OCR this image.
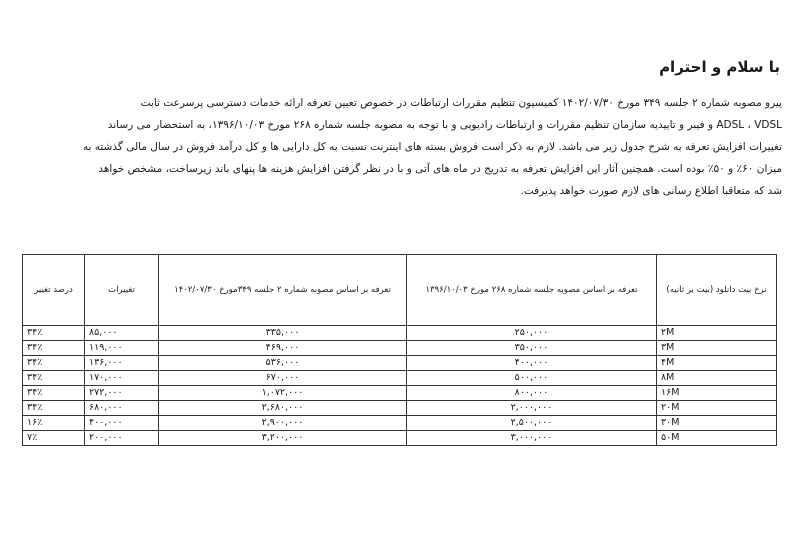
با سلام و احترام
پیرو مصوبه شماره ۲ جلسه ۳۴۹ مورخ ۱۴۰۲/۰۷/۳۰ کمیسیون تنظیم مقررات ارتباطات در خصوص تعیین تعرفه ارائه خدمات دسترسی پرسرعت ثابت
ADSL ، VDSL و فیبر و تاییدیه سازمان تنظیم مقررات و ارتباطات رادیویی و با توجه به مصوبه جلسه شماره ۲۶۸ مورخ ۱۳۹۶/۱۰/۰۳، به استحضار می رساند
تغییرات افزایش تعرفه به شرح جدول زیر می باشد. لازم به ذکر است فروش بسته های اینترنت نسبت به کل دارایی ها و کل درآمد فروش در سال مالی گذشته به
میزان ۶۰٪ و ۵۰٪ بوده است. همچنین آثار این افزایش تعرفه به تدریج در ماه های آتی و با در نظر گرفتن افزایش هزینه ها پنهای باند زیرساخت، مشخص خواهد
شد که متعاقبا اطلاع رسانی های لازم صورت خواهد پذیرفت.
نرخ بیت دانلود (بیت بر ثانیه)	تعرفه بر اساس مصوبه جلسه شماره ۲۶۸ مورخ ۱۳۹۶/۱۰/۰۳	تعرفه بر اساس مصوبه شماره ۲ جلسه ۳۴۹مورخ ۱۴۰۲/۰۷/۳۰	تغییرات	درصد تغییر
۲M	۲۵۰,۰۰۰	۳۳۵,۰۰۰	۸۵,۰۰۰	۳۴٪
۳M	۳۵۰,۰۰۰	۴۶۹,۰۰۰	۱۱۹,۰۰۰	۳۴٪
۴M	۴۰۰,۰۰۰	۵۳۶,۰۰۰	۱۳۶,۰۰۰	۳۴٪
۸M	۵۰۰,۰۰۰	۶۷۰,۰۰۰	۱۷۰,۰۰۰	۳۴٪
۱۶M	۸۰۰,۰۰۰	۱,۰۷۲,۰۰۰	۲۷۲,۰۰۰	۳۴٪
۲۰M	۲,۰۰۰,۰۰۰	۲,۶۸۰,۰۰۰	۶۸۰,۰۰۰	۳۴٪
۳۰M	۲,۵۰۰,۰۰۰	۲,۹۰۰,۰۰۰	۴۰۰,۰۰۰	۱۶٪
۵۰M	۳,۰۰۰,۰۰۰	۳,۲۰۰,۰۰۰	۲۰۰,۰۰۰	۷٪
